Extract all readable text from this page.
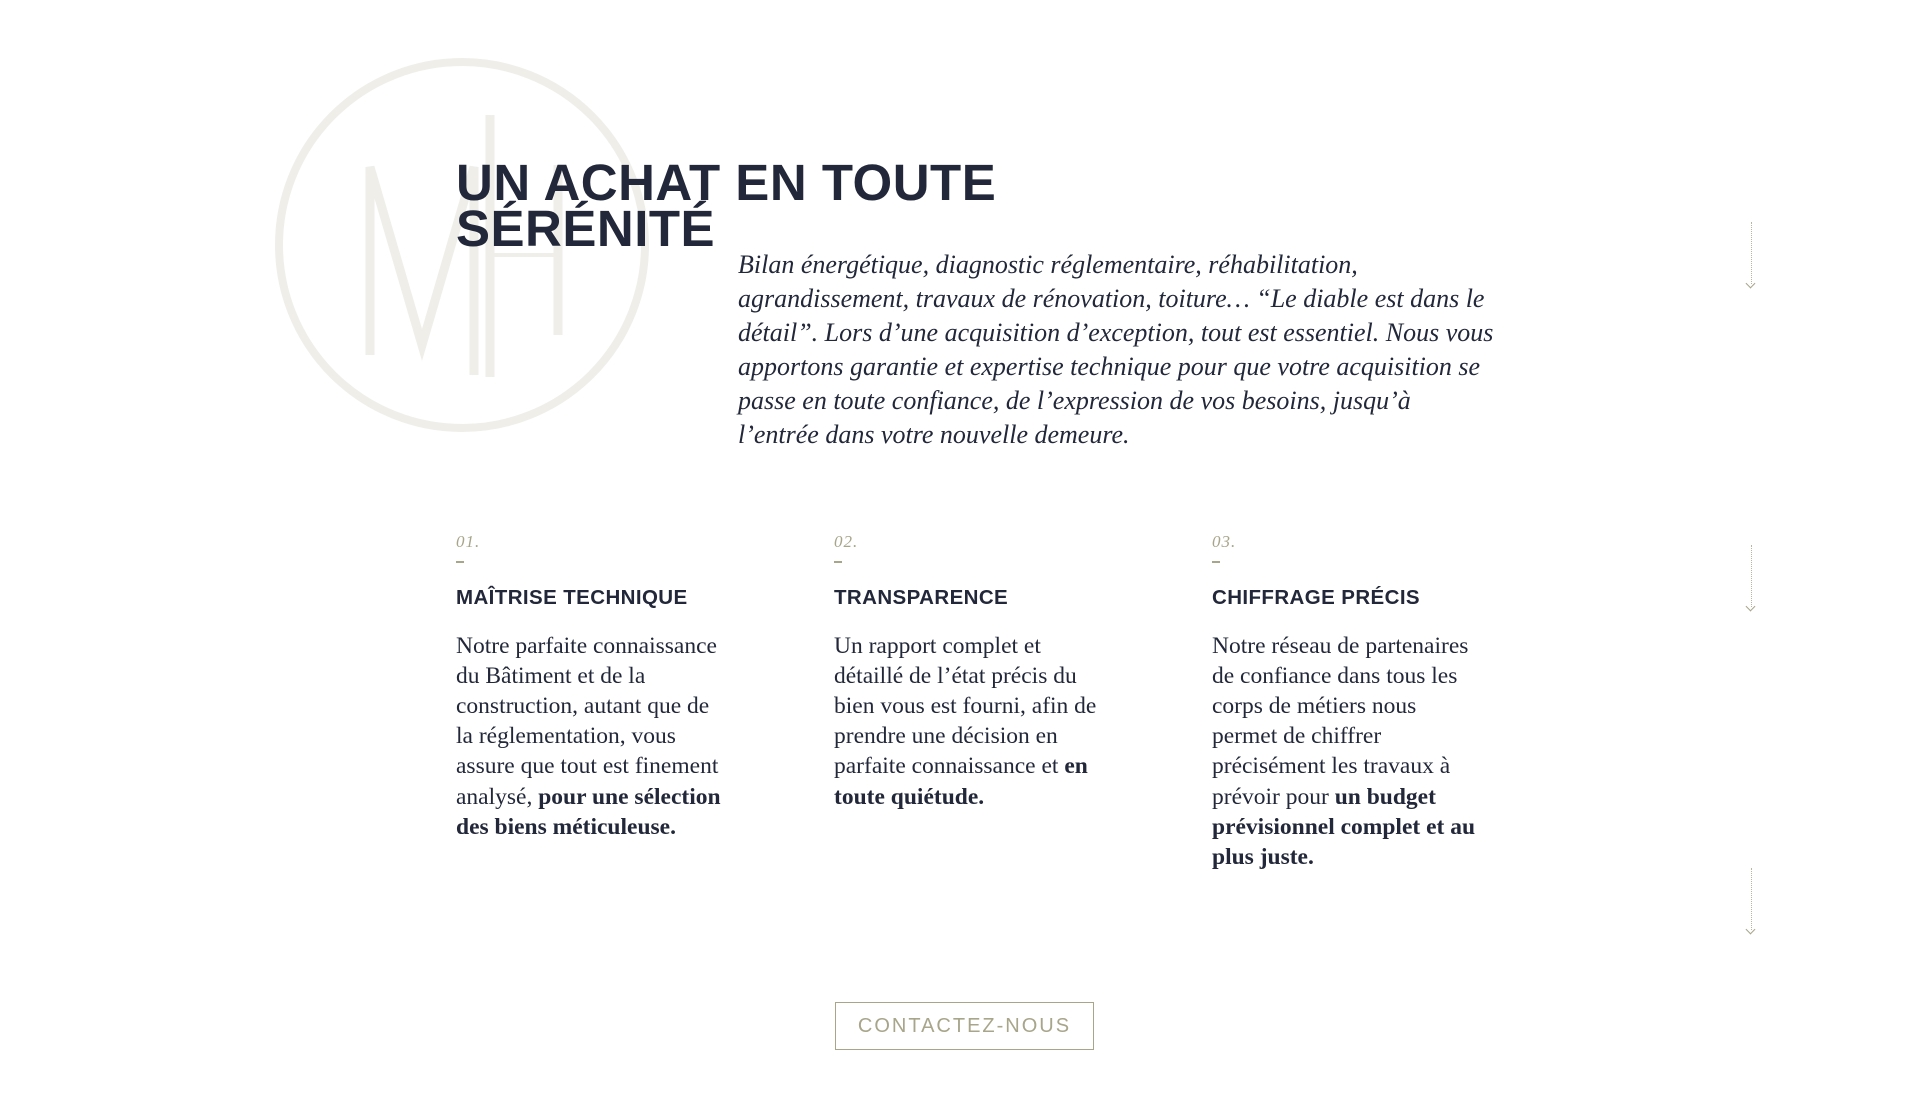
UN ACHAT EN TOUTE
SÉRÉNITÉ

Bilan énergétique, diagnostic réglementaire, réhabilitation, agrandissement, travaux de rénovation, toiture… “Le diable est dans le détail”. Lors d’une acquisition d’exception, tout est essentiel. Nous vous apportons garantie et expertise technique pour que votre acquisition se passe en toute confiance, de l’expression de vos besoins, jusqu’à l’entrée dans votre nouvelle demeure.

01.
MAÎTRISE TECHNIQUE

Notre parfaite connaissance du Bâtiment et de la construction, autant que de la réglementation, vous assure que tout est finement analysé, pour une sélection des biens méticuleuse.

02.
TRANSPARENCE

Un rapport complet et détaillé de l’état précis du bien vous est fourni, afin de prendre une décision en parfaite connaissance et en toute quiétude.

03.
CHIFFRAGE PRÉCIS

Notre réseau de partenaires de confiance dans tous les corps de métiers nous permet de chiffrer précisément les travaux à prévoir pour un budget prévisionnel complet et au plus juste.

CONTACTEZ-NOUS
